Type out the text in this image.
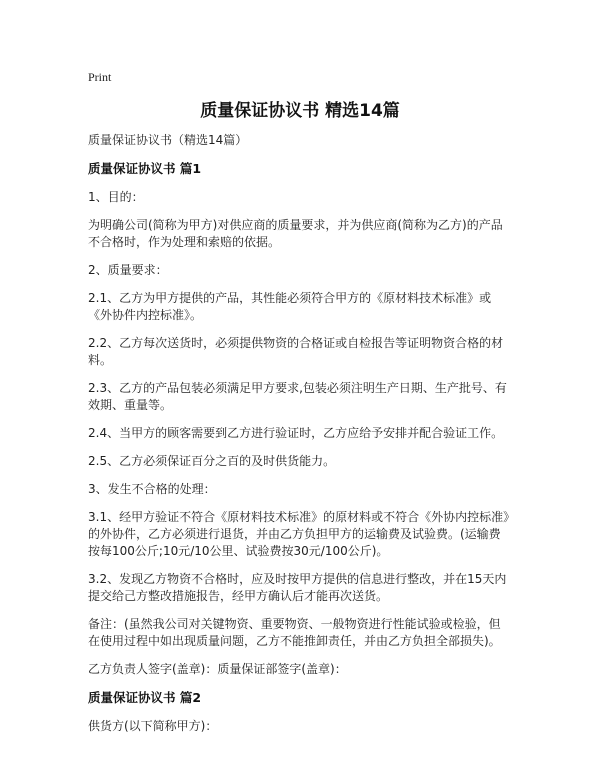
Print
质量保证协议书 精选14篇

质量保证协议书（精选14篇）

质量保证协议书 篇1

1、目的：

为明确公司(简称为甲方)对供应商的质量要求，并为供应商(简称为乙方)的产品不合格时，作为处理和索赔的依据。

2、质量要求：

2.1、乙方为甲方提供的产品，其性能必须符合甲方的《原材料技术标准》或《外协件内控标准》。

2.2、乙方每次送货时，必须提供物资的合格证或自检报告等证明物资合格的材料。

2.3、乙方的产品包装必须满足甲方要求,包装必须注明生产日期、生产批号、有效期、重量等。

2.4、当甲方的顾客需要到乙方进行验证时，乙方应给予安排并配合验证工作。

2.5、乙方必须保证百分之百的及时供货能力。

3、发生不合格的处理：

3.1、经甲方验证不符合《原材料技术标准》的原材料或不符合《外协内控标准》的外协件，乙方必须进行退货，并由乙方负担甲方的运输费及试验费。(运输费按每100公斤;10元/10公里、试验费按30元/100公斤)。

3.2、发现乙方物资不合格时，应及时按甲方提供的信息进行整改，并在15天内提交给己方整改措施报告，经甲方确认后才能再次送货。

备注：(虽然我公司对关键物资、重要物资、一般物资进行性能试验或检验，但在使用过程中如出现质量问题，乙方不能推卸责任，并由乙方负担全部损失)。

乙方负责人签字(盖章)：质量保证部签字(盖章)：

质量保证协议书 篇2

供货方(以下简称甲方)：
